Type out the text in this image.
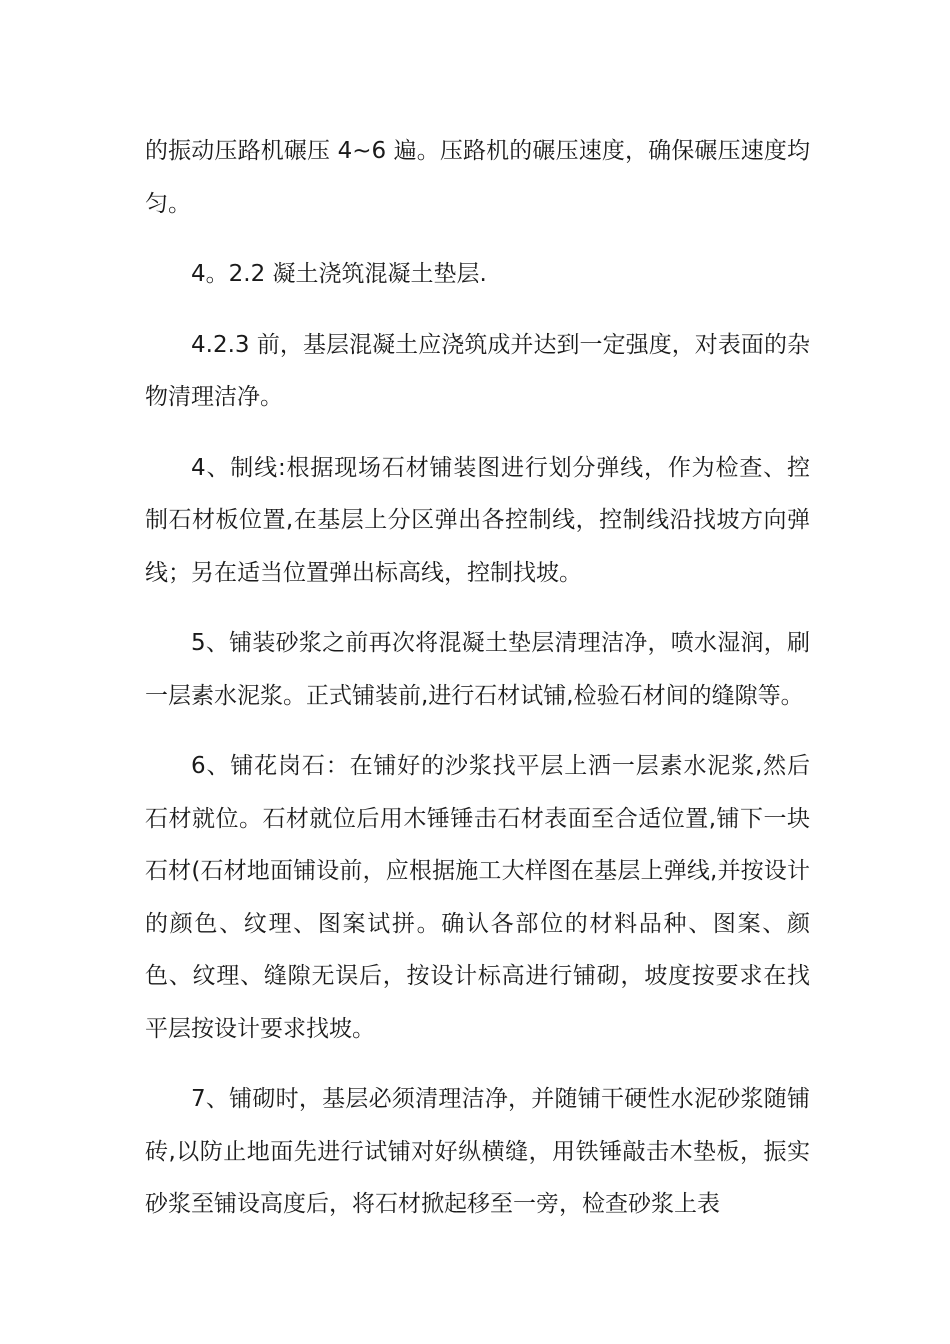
的振动压路机碾压 4~6 遍。压路机的碾压速度，确保碾压速度均匀。

4。2.2 凝土浇筑混凝土垫层.

4.2.3 前，基层混凝土应浇筑成并达到一定强度，对表面的杂物清理洁净。

4、制线:根据现场石材铺装图进行划分弹线，作为检查、控制石材板位置,在基层上分区弹出各控制线，控制线沿找坡方向弹线；另在适当位置弹出标高线，控制找坡。

5、铺装砂浆之前再次将混凝土垫层清理洁净，喷水湿润，刷一层素水泥浆。正式铺装前,进行石材试铺,检验石材间的缝隙等。

6、铺花岗石：在铺好的沙浆找平层上洒一层素水泥浆,然后石材就位。石材就位后用木锤锤击石材表面至合适位置,铺下一块石材(石材地面铺设前，应根据施工大样图在基层上弹线,并按设计的颜色、纹理、图案试拼。确认各部位的材料品种、图案、颜色、纹理、缝隙无误后，按设计标高进行铺砌，坡度按要求在找平层按设计要求找坡。

7、铺砌时，基层必须清理洁净，并随铺干硬性水泥砂浆随铺砖,以防止地面先进行试铺对好纵横缝，用铁锤敲击木垫板，振实砂浆至铺设高度后，将石材掀起移至一旁，检查砂浆上表
